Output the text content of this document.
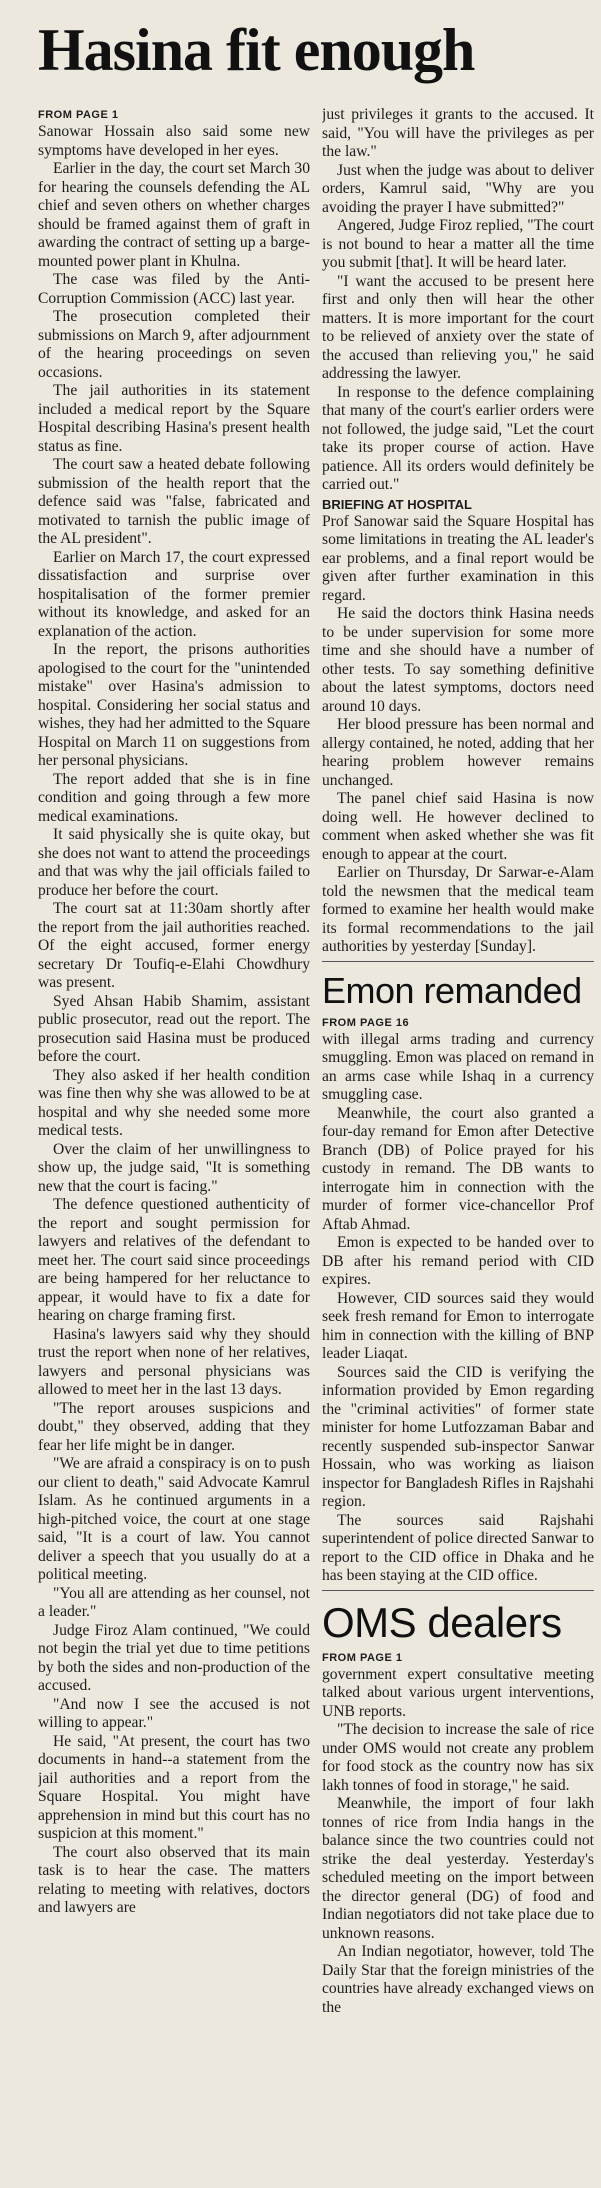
Hasina fit enough
FROM PAGE 1

Sanowar Hossain also said some new symptoms have developed in her eyes.

Earlier in the day, the court set March 30 for hearing the counsels defending the AL chief and seven others on whether charges should be framed against them of graft in awarding the contract of setting up a barge-mounted power plant in Khulna.

The case was filed by the Anti-Corruption Commission (ACC) last year.

The prosecution completed their submissions on March 9, after adjournment of the hearing proceedings on seven occasions.

The jail authorities in its statement included a medical report by the Square Hospital describing Hasina's present health status as fine.

The court saw a heated debate following submission of the health report that the defence said was "false, fabricated and motivated to tarnish the public image of the AL president".

Earlier on March 17, the court expressed dissatisfaction and surprise over hospitalisation of the former premier without its knowledge, and asked for an explanation of the action.

In the report, the prisons authorities apologised to the court for the "unintended mistake" over Hasina's admission to hospital. Considering her social status and wishes, they had her admitted to the Square Hospital on March 11 on suggestions from her personal physicians.

The report added that she is in fine condition and going through a few more medical examinations.

It said physically she is quite okay, but she does not want to attend the proceedings and that was why the jail officials failed to produce her before the court.

The court sat at 11:30am shortly after the report from the jail authorities reached. Of the eight accused, former energy secretary Dr Toufiq-e-Elahi Chowdhury was present.

Syed Ahsan Habib Shamim, assistant public prosecutor, read out the report. The prosecution said Hasina must be produced before the court.

They also asked if her health condition was fine then why she was allowed to be at hospital and why she needed some more medical tests.

Over the claim of her unwillingness to show up, the judge said, "It is something new that the court is facing."

The defence questioned authenticity of the report and sought permission for lawyers and relatives of the defendant to meet her. The court said since proceedings are being hampered for her reluctance to appear, it would have to fix a date for hearing on charge framing first.

Hasina's lawyers said why they should trust the report when none of her relatives, lawyers and personal physicians was allowed to meet her in the last 13 days.

"The report arouses suspicions and doubt," they observed, adding that they fear her life might be in danger.

"We are afraid a conspiracy is on to push our client to death," said Advocate Kamrul Islam. As he continued arguments in a high-pitched voice, the court at one stage said, "It is a court of law. You cannot deliver a speech that you usually do at a political meeting.

"You all are attending as her counsel, not a leader."

Judge Firoz Alam continued, "We could not begin the trial yet due to time petitions by both the sides and non-production of the accused.

"And now I see the accused is not willing to appear."

He said, "At present, the court has two documents in hand--a statement from the jail authorities and a report from the Square Hospital. You might have apprehension in mind but this court has no suspicion at this moment."

The court also observed that its main task is to hear the case. The matters relating to meeting with relatives, doctors and lawyers are

just privileges it grants to the accused. It said, "You will have the privileges as per the law."

Just when the judge was about to deliver orders, Kamrul said, "Why are you avoiding the prayer I have submitted?"

Angered, Judge Firoz replied, "The court is not bound to hear a matter all the time you submit [that]. It will be heard later.

"I want the accused to be present here first and only then will hear the other matters. It is more important for the court to be relieved of anxiety over the state of the accused than relieving you," he said addressing the lawyer.

In response to the defence complaining that many of the court's earlier orders were not followed, the judge said, "Let the court take its proper course of action. Have patience. All its orders would definitely be carried out."

BRIEFING AT HOSPITAL

Prof Sanowar said the Square Hospital has some limitations in treating the AL leader's ear problems, and a final report would be given after further examination in this regard.

He said the doctors think Hasina needs to be under supervision for some more time and she should have a number of other tests. To say something definitive about the latest symptoms, doctors need around 10 days.

Her blood pressure has been normal and allergy contained, he noted, adding that her hearing problem however remains unchanged.

The panel chief said Hasina is now doing well. He however declined to comment when asked whether she was fit enough to appear at the court.

Earlier on Thursday, Dr Sarwar-e-Alam told the newsmen that the medical team formed to examine her health would make its formal recommendations to the jail authorities by yesterday [Sunday].

Emon remanded
FROM PAGE 16

with illegal arms trading and currency smuggling. Emon was placed on remand in an arms case while Ishaq in a currency smuggling case.

Meanwhile, the court also granted a four-day remand for Emon after Detective Branch (DB) of Police prayed for his custody in remand. The DB wants to interrogate him in connection with the murder of former vice-chancellor Prof Aftab Ahmad.

Emon is expected to be handed over to DB after his remand period with CID expires.

However, CID sources said they would seek fresh remand for Emon to interrogate him in connection with the killing of BNP leader Liaqat.

Sources said the CID is verifying the information provided by Emon regarding the "criminal activities" of former state minister for home Lutfozzaman Babar and recently suspended sub-inspector Sanwar Hossain, who was working as liaison inspector for Bangladesh Rifles in Rajshahi region.

The sources said Rajshahi superintendent of police directed Sanwar to report to the CID office in Dhaka and he has been staying at the CID office.

OMS dealers
FROM PAGE 1

government expert consultative meeting talked about various urgent interventions, UNB reports.

"The decision to increase the sale of rice under OMS would not create any problem for food stock as the country now has six lakh tonnes of food in storage," he said.

Meanwhile, the import of four lakh tonnes of rice from India hangs in the balance since the two countries could not strike the deal yesterday. Yesterday's scheduled meeting on the import between the director general (DG) of food and Indian negotiators did not take place due to unknown reasons.

An Indian negotiator, however, told The Daily Star that the foreign ministries of the countries have already exchanged views on the
